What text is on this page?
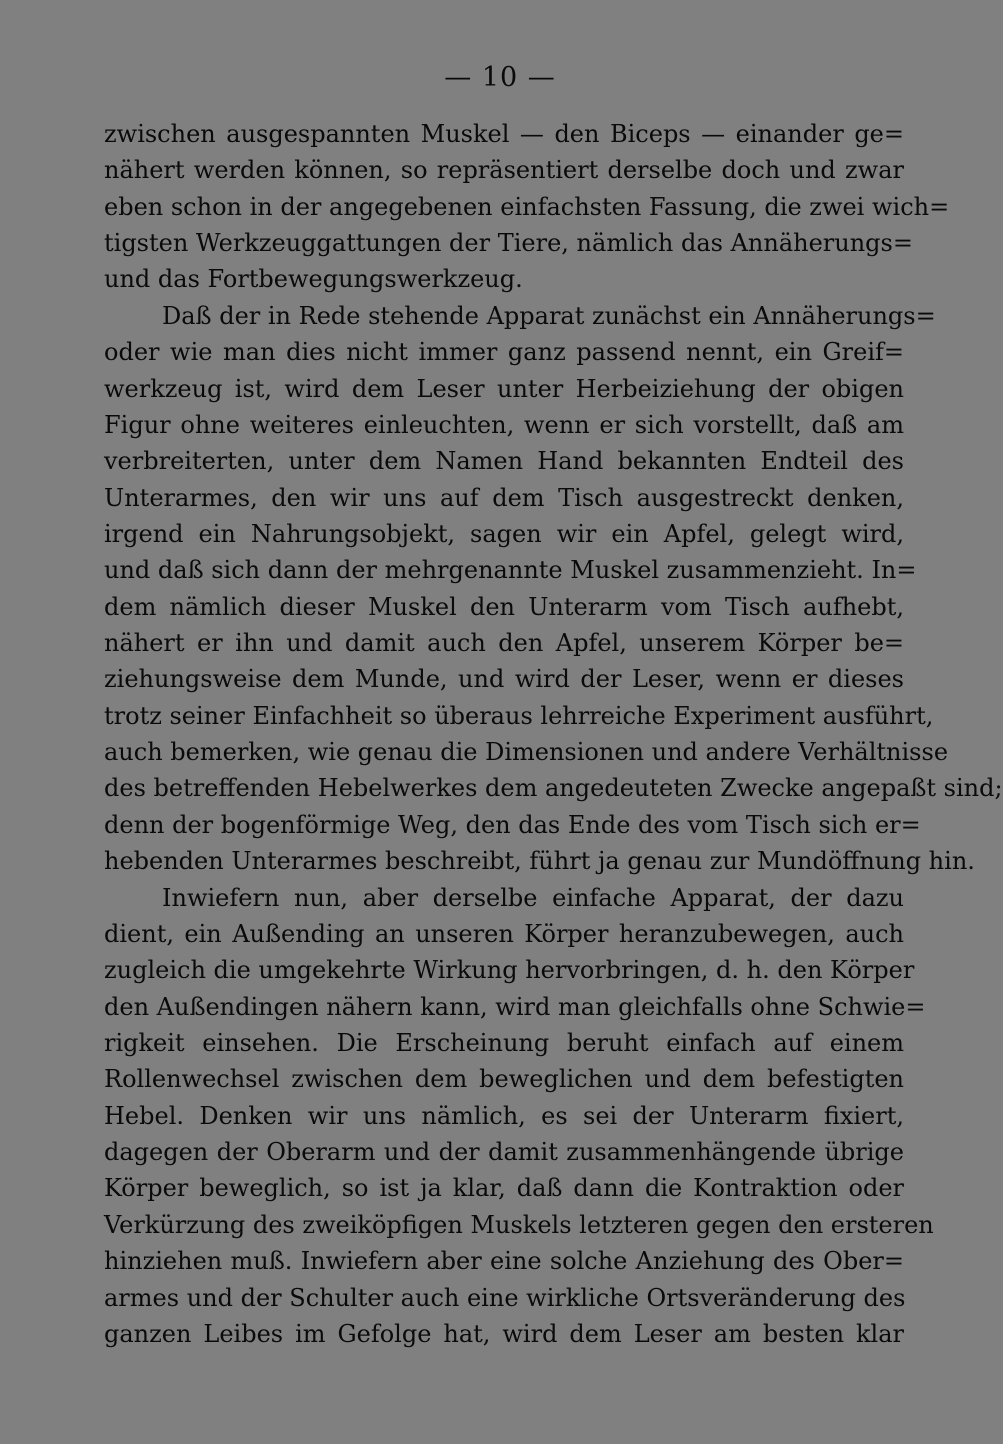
— 10 —
zwischen ausgespannten Muskel — den Biceps — einander ge=
nähert werden können, so repräsentiert derselbe doch und zwar
eben schon in der angegebenen einfachsten Fassung, die zwei wich=
tigsten Werkzeuggattungen der Tiere, nämlich das Annäherungs=
und das Fortbewegungswerkzeug.
Daß der in Rede stehende Apparat zunächst ein Annäherungs=
oder wie man dies nicht immer ganz passend nennt, ein Greif=
werkzeug ist, wird dem Leser unter Herbeiziehung der obigen
Figur ohne weiteres einleuchten, wenn er sich vorstellt, daß am
verbreiterten, unter dem Namen Hand bekannten Endteil des
Unterarmes, den wir uns auf dem Tisch ausgestreckt denken,
irgend ein Nahrungsobjekt, sagen wir ein Apfel, gelegt wird,
und daß sich dann der mehrgenannte Muskel zusammenzieht. In=
dem nämlich dieser Muskel den Unterarm vom Tisch aufhebt,
nähert er ihn und damit auch den Apfel, unserem Körper be=
ziehungsweise dem Munde, und wird der Leser, wenn er dieses
trotz seiner Einfachheit so überaus lehrreiche Experiment ausführt,
auch bemerken, wie genau die Dimensionen und andere Verhältnisse
des betreffenden Hebelwerkes dem angedeuteten Zwecke angepaßt sind;
denn der bogenförmige Weg, den das Ende des vom Tisch sich er=
hebenden Unterarmes beschreibt, führt ja genau zur Mundöffnung hin.
Inwiefern nun, aber derselbe einfache Apparat, der dazu
dient, ein Außending an unseren Körper heranzubewegen, auch
zugleich die umgekehrte Wirkung hervorbringen, d. h. den Körper
den Außendingen nähern kann, wird man gleichfalls ohne Schwie=
rigkeit einsehen. Die Erscheinung beruht einfach auf einem
Rollenwechsel zwischen dem beweglichen und dem befestigten
Hebel. Denken wir uns nämlich, es sei der Unterarm fixiert,
dagegen der Oberarm und der damit zusammenhängende übrige
Körper beweglich, so ist ja klar, daß dann die Kontraktion oder
Verkürzung des zweiköpfigen Muskels letzteren gegen den ersteren
hinziehen muß. Inwiefern aber eine solche Anziehung des Ober=
armes und der Schulter auch eine wirkliche Ortsveränderung des
ganzen Leibes im Gefolge hat, wird dem Leser am besten klar
